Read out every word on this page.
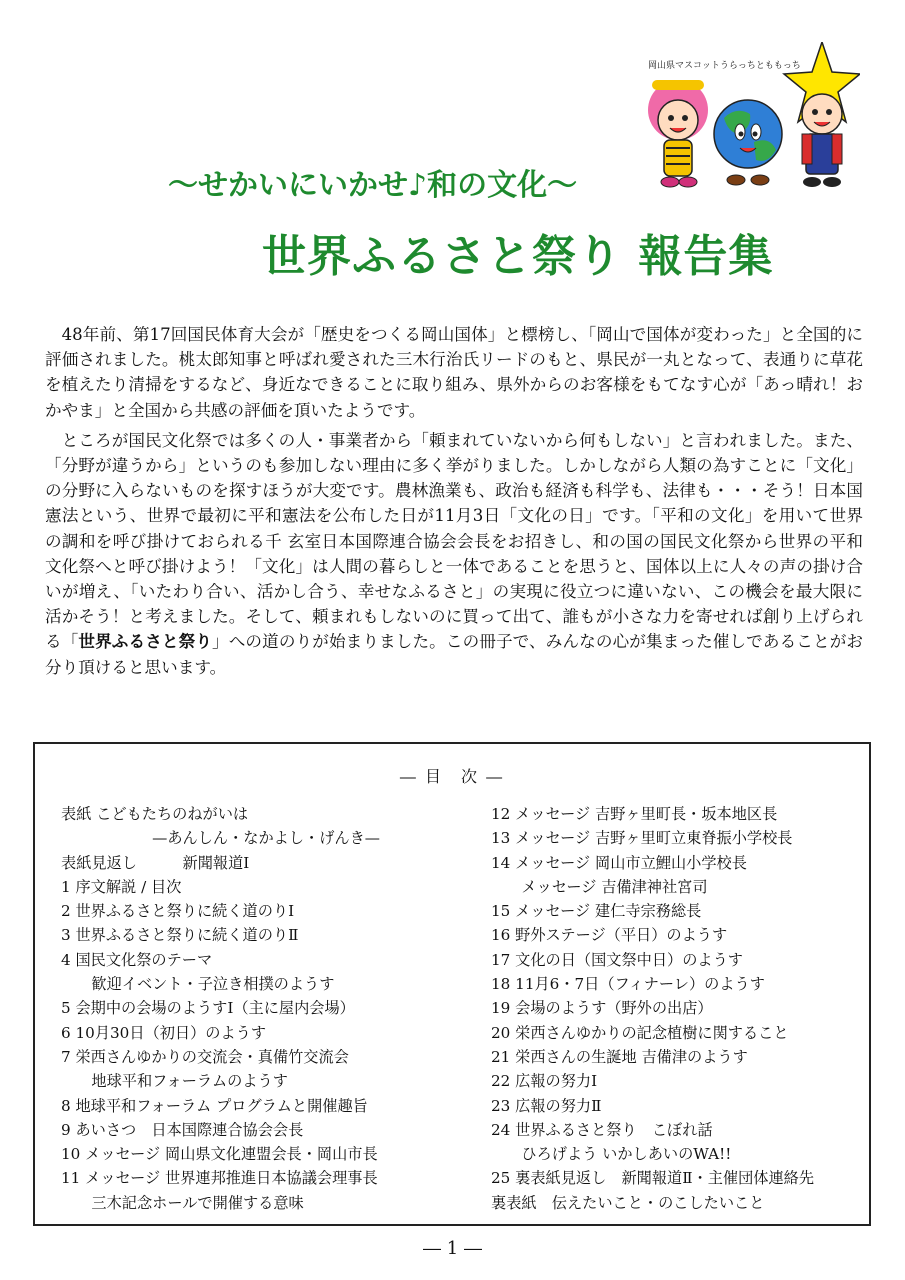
岡山県マスコットうらっちとももっち
〜せかいにいかせ♪和の文化〜
世界ふるさと祭り 報告集

48年前、第17回国民体育大会が「歴史をつくる岡山国体」と標榜し、「岡山で国体が変わった」と全国的に評価されました。桃太郎知事と呼ばれ愛された三木行治氏リードのもと、県民が一丸となって、表通りに草花を植えたり清掃をするなど、身近なできることに取り組み、県外からのお客様をもてなす心が「あっ晴れ！おかやま」と全国から共感の評価を頂いたようです。

ところが国民文化祭では多くの人・事業者から「頼まれていないから何もしない」と言われました。また、「分野が違うから」というのも参加しない理由に多く挙がりました。しかしながら人類の為すことに「文化」の分野に入らないものを探すほうが大変です。農林漁業も、政治も経済も科学も、法律も・・・そう！日本国憲法という、世界で最初に平和憲法を公布した日が11月3日「文化の日」です。「平和の文化」を用いて世界の調和を呼び掛けておられる千 玄室日本国際連合協会会長をお招きし、和の国の国民文化祭から世界の平和文化祭へと呼び掛けよう！「文化」は人間の暮らしと一体であることを思うと、国体以上に人々の声の掛け合いが増え、「いたわり合い、活かし合う、幸せなふるさと」の実現に役立つに違いない、この機会を最大限に活かそう！と考えました。そして、頼まれもしないのに買って出て、誰もが小さな力を寄せれば創り上げられる「世界ふるさと祭り」への道のりが始まりました。この冊子で、みんなの心が集まった催しであることがお分り頂けると思います。

― 目　次 ―
表紙 こどもたちのねがいは
　　　　　　—あんしん・なかよし・げんき—
表紙見返し　　　新聞報道Ⅰ
1 序文解説 / 目次
2 世界ふるさと祭りに続く道のりⅠ
3 世界ふるさと祭りに続く道のりⅡ
4 国民文化祭のテーマ
　　歓迎イベント・子泣き相撲のようす
5 会期中の会場のようすⅠ（主に屋内会場）
6 10月30日（初日）のようす
7 栄西さんゆかりの交流会・真備竹交流会
　　地球平和フォーラムのようす
8 地球平和フォーラム プログラムと開催趣旨
9 あいさつ　日本国際連合協会会長
10 メッセージ 岡山県文化連盟会長・岡山市長
11 メッセージ 世界連邦推進日本協議会理事長
　　三木記念ホールで開催する意味
12 メッセージ 吉野ヶ里町長・坂本地区長
13 メッセージ 吉野ヶ里町立東脊振小学校長
14 メッセージ 岡山市立鯉山小学校長
　　メッセージ 吉備津神社宮司
15 メッセージ 建仁寺宗務総長
16 野外ステージ（平日）のようす
17 文化の日（国文祭中日）のようす
18 11月6・7日（フィナーレ）のようす
19 会場のようす（野外の出店）
20 栄西さんゆかりの記念植樹に関すること
21 栄西さんの生誕地 吉備津のようす
22 広報の努力Ⅰ
23 広報の努力Ⅱ
24 世界ふるさと祭り　こぼれ話
　　ひろげよう いかしあいのWA!!
25 裏表紙見返し　新聞報道Ⅱ・主催団体連絡先
裏表紙　伝えたいこと・のこしたいこと
― 1 ―
